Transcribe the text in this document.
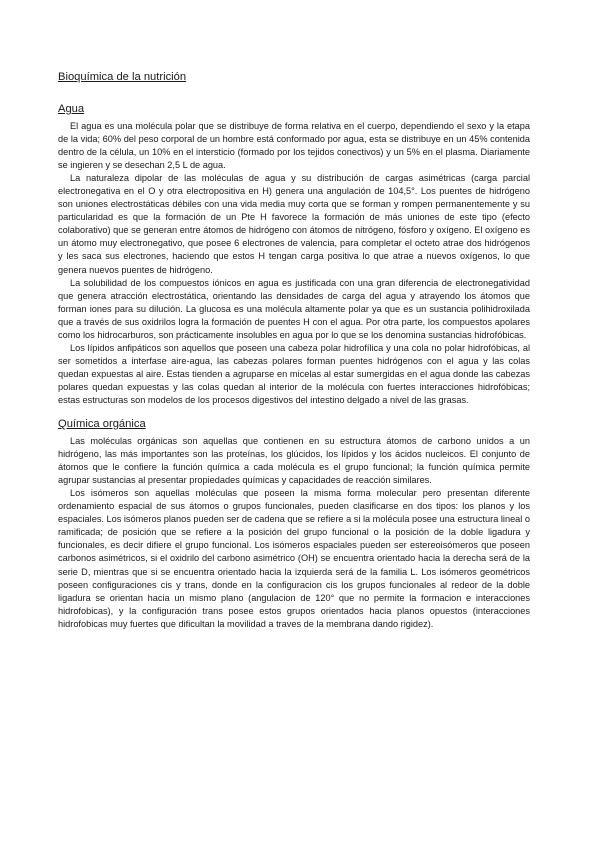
Bioquímica de la nutrición

Agua

El agua es una molécula polar que se distribuye de forma relativa en el cuerpo, dependiendo el sexo y la etapa de la vida; 60% del peso corporal de un hombre está conformado por agua, esta se distribuye en un 45% contenida dentro de la célula, un 10% en el intersticio (formado por los tejidos conectivos) y un 5% en el plasma. Diariamente se ingieren y se desechan 2,5 L de agua.

La naturaleza dipolar de las moléculas de agua y su distribución de cargas asimétricas (carga parcial electronegativa en el O y otra electropositiva en H) genera una angulación de 104,5°. Los puentes de hidrógeno son uniones electrostáticas débiles con una vida media muy corta que se forman y rompen permanentemente y su particularidad es que la formación de un Pte H favorece la formación de más uniones de este tipo (efecto colaborativo) que se generan entre átomos de hidrógeno con átomos de nitrógeno, fósforo y oxígeno. El oxígeno es un átomo muy electronegativo, que posee 6 electrones de valencia, para completar el octeto atrae dos hidrógenos y les saca sus electrones, haciendo que estos H tengan carga positiva lo que atrae a nuevos oxígenos, lo que genera nuevos puentes de hidrógeno.

La solubilidad de los compuestos iónicos en agua es justificada con una gran diferencia de electronegatividad que genera atracción electrostática, orientando las densidades de carga del agua y atrayendo los átomos que forman iones para su dilución. La glucosa es una molécula altamente polar ya que es un sustancia polihidroxilada que a través de sus oxidrilos logra la formación de puentes H con el agua. Por otra parte, los compuestos apolares como los hidrocarburos, son prácticamente insolubles en agua por lo que se los denomina sustancias hidrofóbicas.

Los lípidos anfipáticos son aquellos que poseen una cabeza polar hidrofílica y una cola no polar hidrofóbicas, al ser sometidos a interfase aire-agua, las cabezas polares forman puentes hidrógenos con el agua y las colas quedan expuestas al aire. Estas tienden a agruparse en micelas al estar sumergidas en el agua donde las cabezas polares quedan expuestas y las colas quedan al interior de la molécula con fuertes interacciones hidrofóbicas; estas estructuras son modelos de los procesos digestivos del intestino delgado a nivel de las grasas.

Química orgánica

Las moléculas orgánicas son aquellas que contienen en su estructura átomos de carbono unidos a un hidrógeno, las más importantes son las proteínas, los glúcidos, los lípidos y los ácidos nucleicos. El conjunto de átomos que le confiere la función química a cada molécula es el grupo funcional; la función química permite agrupar sustancias al presentar propiedades químicas y capacidades de reacción similares.

Los isómeros son aquellas moléculas que poseen la misma forma molecular pero presentan diferente ordenamiento espacial de sus átomos o grupos funcionales, pueden clasificarse en dos tipos: los planos y los espaciales. Los isómeros planos pueden ser de cadena que se refiere a si la molécula posee una estructura lineal o ramificada; de posición que se refiere a la posición del grupo funcional o la posición de la doble ligadura y funcionales, es decir difiere el grupo funcional. Los isómeros espaciales pueden ser estereoisómeros que poseen carbonos asimétricos, si el oxidrilo del carbono asimétrico (OH) se encuentra orientado hacia la derecha será de la serie D, mientras que si se encuentra orientado hacia la izquierda será de la familia L. Los isómeros geométricos poseen configuraciones cis y trans, donde en la configuracion cis los grupos funcionales al redeor de la doble ligadura se orientan hacia un mismo plano (angulacion de 120° que no permite la formacion e interacciones hidrofobicas), y la configuración trans posee estos grupos orientados hacia planos opuestos (interacciones hidrofobicas muy fuertes que dificultan la movilidad a traves de la membrana dando rigidez).
